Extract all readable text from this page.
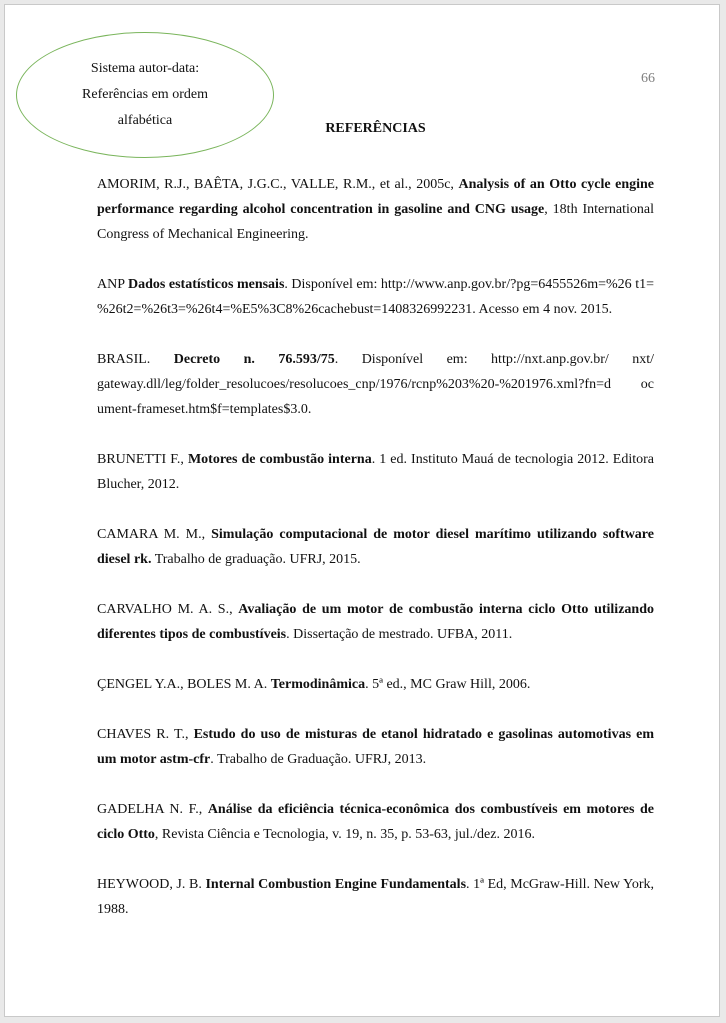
Sistema autor-data:
Referências em ordem
alfabética
66
REFERÊNCIAS
AMORIM, R.J., BAÊTA, J.G.C., VALLE, R.M., et al., 2005c, Analysis of an Otto cycle engine performance regarding alcohol concentration in gasoline and CNG usage, 18th International Congress of Mechanical Engineering.
ANP Dados estatísticos mensais. Disponível em: http://www.anp.gov.br/?pg=6455526m=%26 t1= %26t2=%26t3=%26t4=%E5%3C8%26cachebust=1408326992231. Acesso em 4 nov. 2015.
BRASIL. Decreto n. 76.593/75. Disponível em: http://nxt.anp.gov.br/ nxt/ gateway.dll/leg/folder_resolucoes/resolucoes_cnp/1976/rcnp%203%20-%201976.xml?fn=d oc ument-frameset.htm$f=templates$3.0.
BRUNETTI F., Motores de combustão interna. 1 ed. Instituto Mauá de tecnologia 2012. Editora Blucher, 2012.
CAMARA M. M., Simulação computacional de motor diesel marítimo utilizando software diesel rk. Trabalho de graduação. UFRJ, 2015.
CARVALHO M. A. S., Avaliação de um motor de combustão interna ciclo Otto utilizando diferentes tipos de combustíveis. Dissertação de mestrado. UFBA, 2011.
ÇENGEL Y.A., BOLES M. A. Termodinâmica. 5ª ed., MC Graw Hill, 2006.
CHAVES R. T., Estudo do uso de misturas de etanol hidratado e gasolinas automotivas em um motor astm-cfr. Trabalho de Graduação. UFRJ, 2013.
GADELHA N. F., Análise da eficiência técnica-econômica dos combustíveis em motores de ciclo Otto, Revista Ciência e Tecnologia, v. 19, n. 35, p. 53-63, jul./dez. 2016.
HEYWOOD, J. B. Internal Combustion Engine Fundamentals. 1ª Ed, McGraw-Hill. New York, 1988.
